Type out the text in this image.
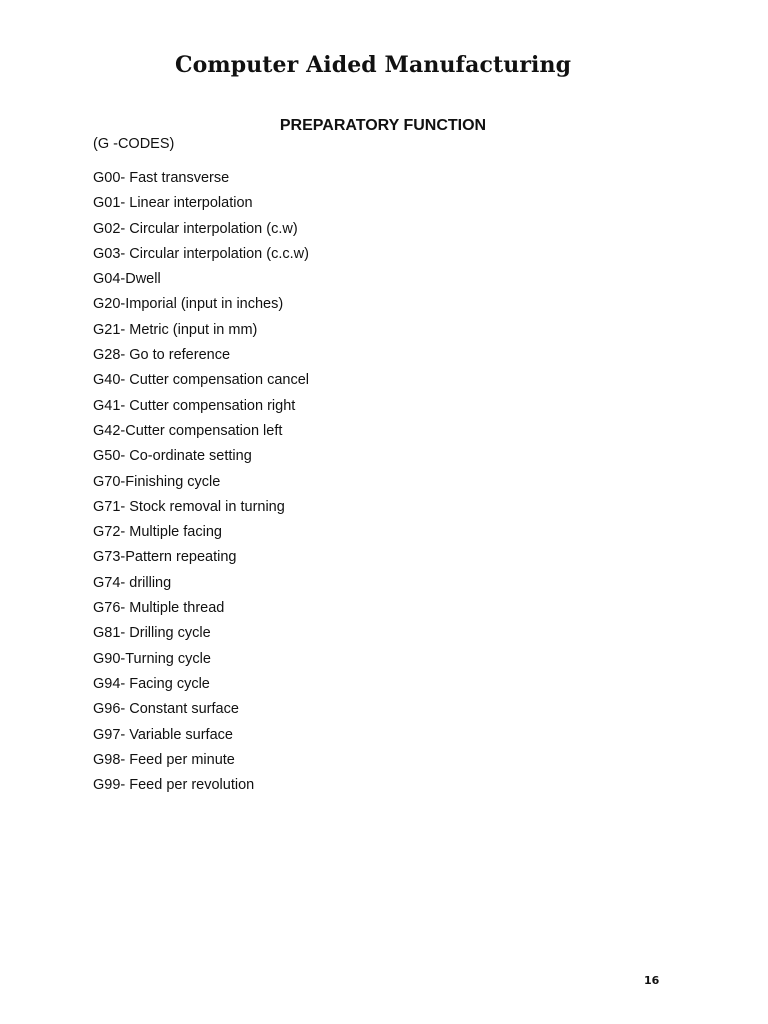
Computer Aided Manufacturing
PREPARATORY FUNCTION
(G -CODES)
G00- Fast transverse
G01- Linear interpolation
G02- Circular interpolation (c.w)
G03- Circular interpolation (c.c.w)
G04-Dwell
G20-Imporial (input in inches)
G21- Metric (input in mm)
G28- Go to reference
G40- Cutter compensation cancel
G41- Cutter compensation right
G42-Cutter compensation left
G50- Co-ordinate setting
G70-Finishing cycle
G71- Stock removal in turning
G72- Multiple facing
G73-Pattern repeating
G74- drilling
G76- Multiple thread
G81- Drilling cycle
G90-Turning cycle
G94- Facing cycle
G96- Constant surface
G97- Variable surface
G98- Feed per minute
G99- Feed per revolution
16
